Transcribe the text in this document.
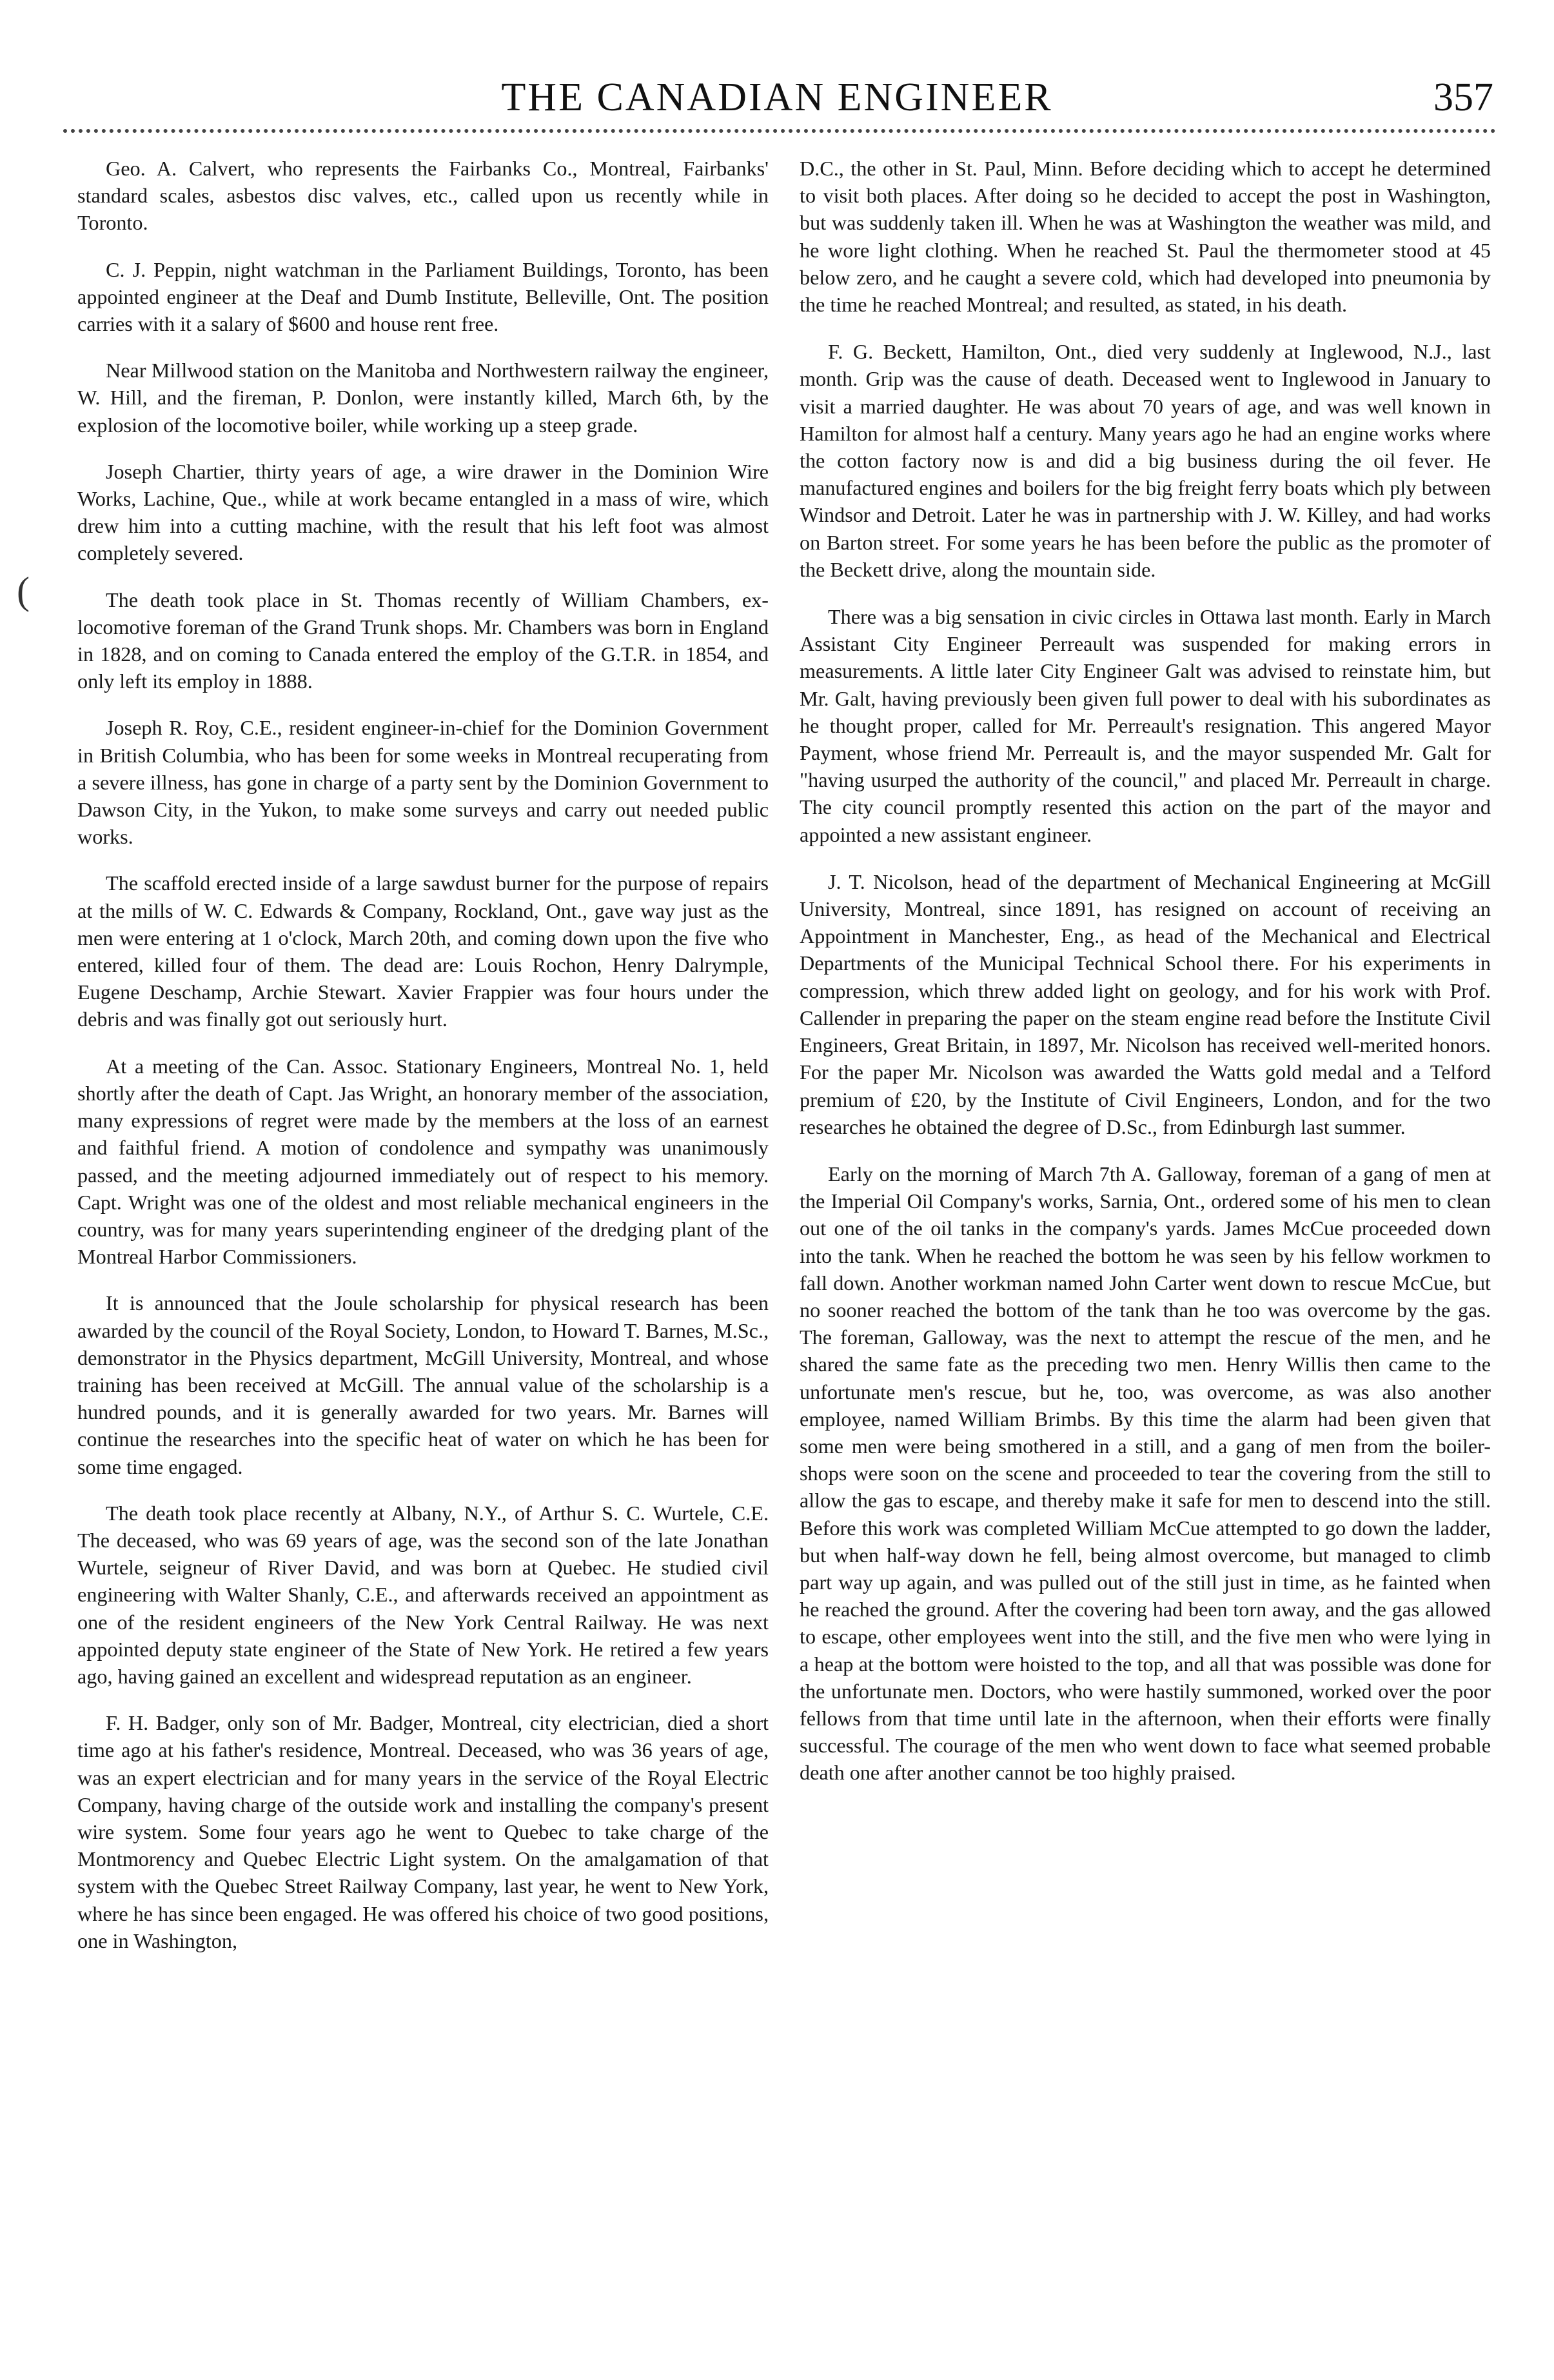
THE CANADIAN ENGINEER	357
(

Geo. A. Calvert, who represents the Fairbanks Co., Montreal, Fairbanks' standard scales, asbestos disc valves, etc., called upon us recently while in Toronto.

C. J. Peppin, night watchman in the Parliament Buildings, Toronto, has been appointed engineer at the Deaf and Dumb Institute, Belleville, Ont. The position carries with it a salary of $600 and house rent free.

Near Millwood station on the Manitoba and Northwestern railway the engineer, W. Hill, and the fireman, P. Donlon, were instantly killed, March 6th, by the explosion of the locomotive boiler, while working up a steep grade.

Joseph Chartier, thirty years of age, a wire drawer in the Dominion Wire Works, Lachine, Que., while at work became entangled in a mass of wire, which drew him into a cutting machine, with the result that his left foot was almost completely severed.

The death took place in St. Thomas recently of William Chambers, ex-locomotive foreman of the Grand Trunk shops. Mr. Chambers was born in England in 1828, and on coming to Canada entered the employ of the G.T.R. in 1854, and only left its employ in 1888.

Joseph R. Roy, C.E., resident engineer-in-chief for the Dominion Government in British Columbia, who has been for some weeks in Montreal recuperating from a severe illness, has gone in charge of a party sent by the Dominion Government to Dawson City, in the Yukon, to make some surveys and carry out needed public works.

The scaffold erected inside of a large sawdust burner for the purpose of repairs at the mills of W. C. Edwards & Company, Rockland, Ont., gave way just as the men were entering at 1 o'clock, March 20th, and coming down upon the five who entered, killed four of them. The dead are: Louis Rochon, Henry Dalrymple, Eugene Deschamp, Archie Stewart. Xavier Frappier was four hours under the debris and was finally got out seriously hurt.

At a meeting of the Can. Assoc. Stationary Engineers, Montreal No. 1, held shortly after the death of Capt. Jas Wright, an honorary member of the association, many expressions of regret were made by the members at the loss of an earnest and faithful friend. A motion of condolence and sympathy was unanimously passed, and the meeting adjourned immediately out of respect to his memory. Capt. Wright was one of the oldest and most reliable mechanical engineers in the country, was for many years superintending engineer of the dredging plant of the Montreal Harbor Commissioners.

It is announced that the Joule scholarship for physical research has been awarded by the council of the Royal Society, London, to Howard T. Barnes, M.Sc., demonstrator in the Physics department, McGill University, Montreal, and whose training has been received at McGill. The annual value of the scholarship is a hundred pounds, and it is generally awarded for two years. Mr. Barnes will continue the researches into the specific heat of water on which he has been for some time engaged.

The death took place recently at Albany, N.Y., of Arthur S. C. Wurtele, C.E. The deceased, who was 69 years of age, was the second son of the late Jonathan Wurtele, seigneur of River David, and was born at Quebec. He studied civil engineering with Walter Shanly, C.E., and afterwards received an appointment as one of the resident engineers of the New York Central Railway. He was next appointed deputy state engineer of the State of New York. He retired a few years ago, having gained an excellent and widespread reputation as an engineer.

F. H. Badger, only son of Mr. Badger, Montreal, city electrician, died a short time ago at his father's residence, Montreal. Deceased, who was 36 years of age, was an expert electrician and for many years in the service of the Royal Electric Company, having charge of the outside work and installing the company's present wire system. Some four years ago he went to Quebec to take charge of the Montmorency and Quebec Electric Light system. On the amalgamation of that system with the Quebec Street Railway Company, last year, he went to New York, where he has since been engaged. He was offered his choice of two good positions, one in Washington,

D.C., the other in St. Paul, Minn. Before deciding which to accept he determined to visit both places. After doing so he decided to accept the post in Washington, but was suddenly taken ill. When he was at Washington the weather was mild, and he wore light clothing. When he reached St. Paul the thermometer stood at 45 below zero, and he caught a severe cold, which had developed into pneumonia by the time he reached Montreal; and resulted, as stated, in his death.

F. G. Beckett, Hamilton, Ont., died very suddenly at Inglewood, N.J., last month. Grip was the cause of death. Deceased went to Inglewood in January to visit a married daughter. He was about 70 years of age, and was well known in Hamilton for almost half a century. Many years ago he had an engine works where the cotton factory now is and did a big business during the oil fever. He manufactured engines and boilers for the big freight ferry boats which ply between Windsor and Detroit. Later he was in partnership with J. W. Killey, and had works on Barton street. For some years he has been before the public as the promoter of the Beckett drive, along the mountain side.

There was a big sensation in civic circles in Ottawa last month. Early in March Assistant City Engineer Perreault was suspended for making errors in measurements. A little later City Engineer Galt was advised to reinstate him, but Mr. Galt, having previously been given full power to deal with his subordinates as he thought proper, called for Mr. Perreault's resignation. This angered Mayor Payment, whose friend Mr. Perreault is, and the mayor suspended Mr. Galt for "having usurped the authority of the council," and placed Mr. Perreault in charge. The city council promptly resented this action on the part of the mayor and appointed a new assistant engineer.

J. T. Nicolson, head of the department of Mechanical Engineering at McGill University, Montreal, since 1891, has resigned on account of receiving an Appointment in Manchester, Eng., as head of the Mechanical and Electrical Departments of the Municipal Technical School there. For his experiments in compression, which threw added light on geology, and for his work with Prof. Callender in preparing the paper on the steam engine read before the Institute Civil Engineers, Great Britain, in 1897, Mr. Nicolson has received well-merited honors. For the paper Mr. Nicolson was awarded the Watts gold medal and a Telford premium of £20, by the Institute of Civil Engineers, London, and for the two researches he obtained the degree of D.Sc., from Edinburgh last summer.

Early on the morning of March 7th A. Galloway, foreman of a gang of men at the Imperial Oil Company's works, Sarnia, Ont., ordered some of his men to clean out one of the oil tanks in the company's yards. James McCue proceeded down into the tank. When he reached the bottom he was seen by his fellow workmen to fall down. Another workman named John Carter went down to rescue McCue, but no sooner reached the bottom of the tank than he too was overcome by the gas. The foreman, Galloway, was the next to attempt the rescue of the men, and he shared the same fate as the preceding two men. Henry Willis then came to the unfortunate men's rescue, but he, too, was overcome, as was also another employee, named William Brimbs. By this time the alarm had been given that some men were being smothered in a still, and a gang of men from the boiler-shops were soon on the scene and proceeded to tear the covering from the still to allow the gas to escape, and thereby make it safe for men to descend into the still. Before this work was completed William McCue attempted to go down the ladder, but when half-way down he fell, being almost overcome, but managed to climb part way up again, and was pulled out of the still just in time, as he fainted when he reached the ground. After the covering had been torn away, and the gas allowed to escape, other employees went into the still, and the five men who were lying in a heap at the bottom were hoisted to the top, and all that was possible was done for the unfortunate men. Doctors, who were hastily summoned, worked over the poor fellows from that time until late in the afternoon, when their efforts were finally successful. The courage of the men who went down to face what seemed probable death one after another cannot be too highly praised.
